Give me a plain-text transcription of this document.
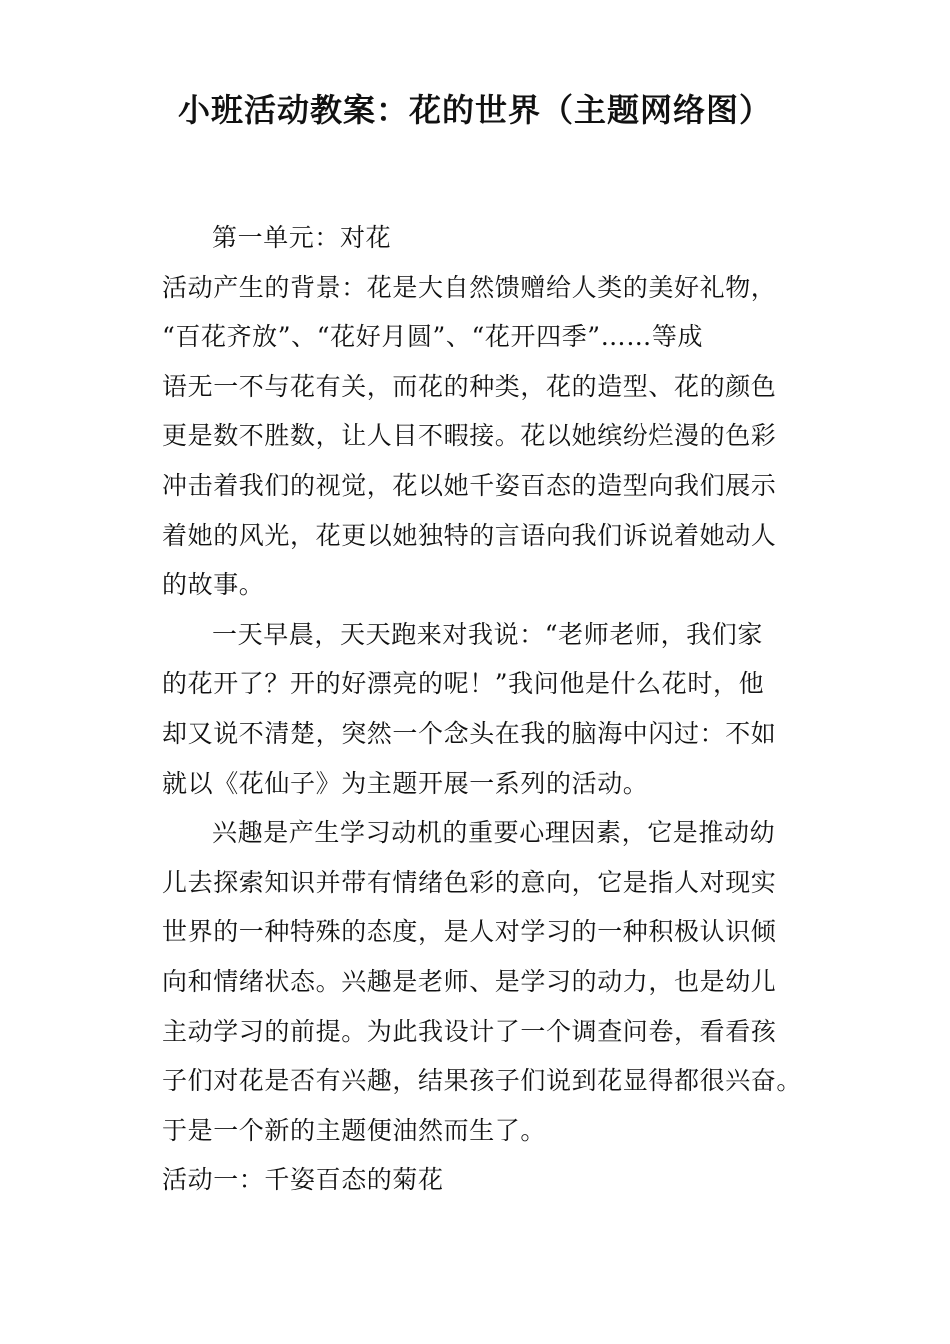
小班活动教案：花的世界（主题网络图）
第一单元：对花
活动产生的背景：花是大自然馈赠给人类的美好礼物，
“百花齐放”、“花好月圆”、“花开四季”……等成
语无一不与花有关，而花的种类，花的造型、花的颜色
更是数不胜数，让人目不暇接。花以她缤纷烂漫的色彩
冲击着我们的视觉，花以她千姿百态的造型向我们展示
着她的风光，花更以她独特的言语向我们诉说着她动人
的故事。
一天早晨，天天跑来对我说：“老师老师，我们家
的花开了？开的好漂亮的呢！”我问他是什么花时，他
却又说不清楚，突然一个念头在我的脑海中闪过：不如
就以《花仙子》为主题开展一系列的活动。
兴趣是产生学习动机的重要心理因素，它是推动幼
儿去探索知识并带有情绪色彩的意向，它是指人对现实
世界的一种特殊的态度，是人对学习的一种积极认识倾
向和情绪状态。兴趣是老师、是学习的动力，也是幼儿
主动学习的前提。为此我设计了一个调查问卷，看看孩
子们对花是否有兴趣，结果孩子们说到花显得都很兴奋。
于是一个新的主题便油然而生了。
活动一：千姿百态的菊花
